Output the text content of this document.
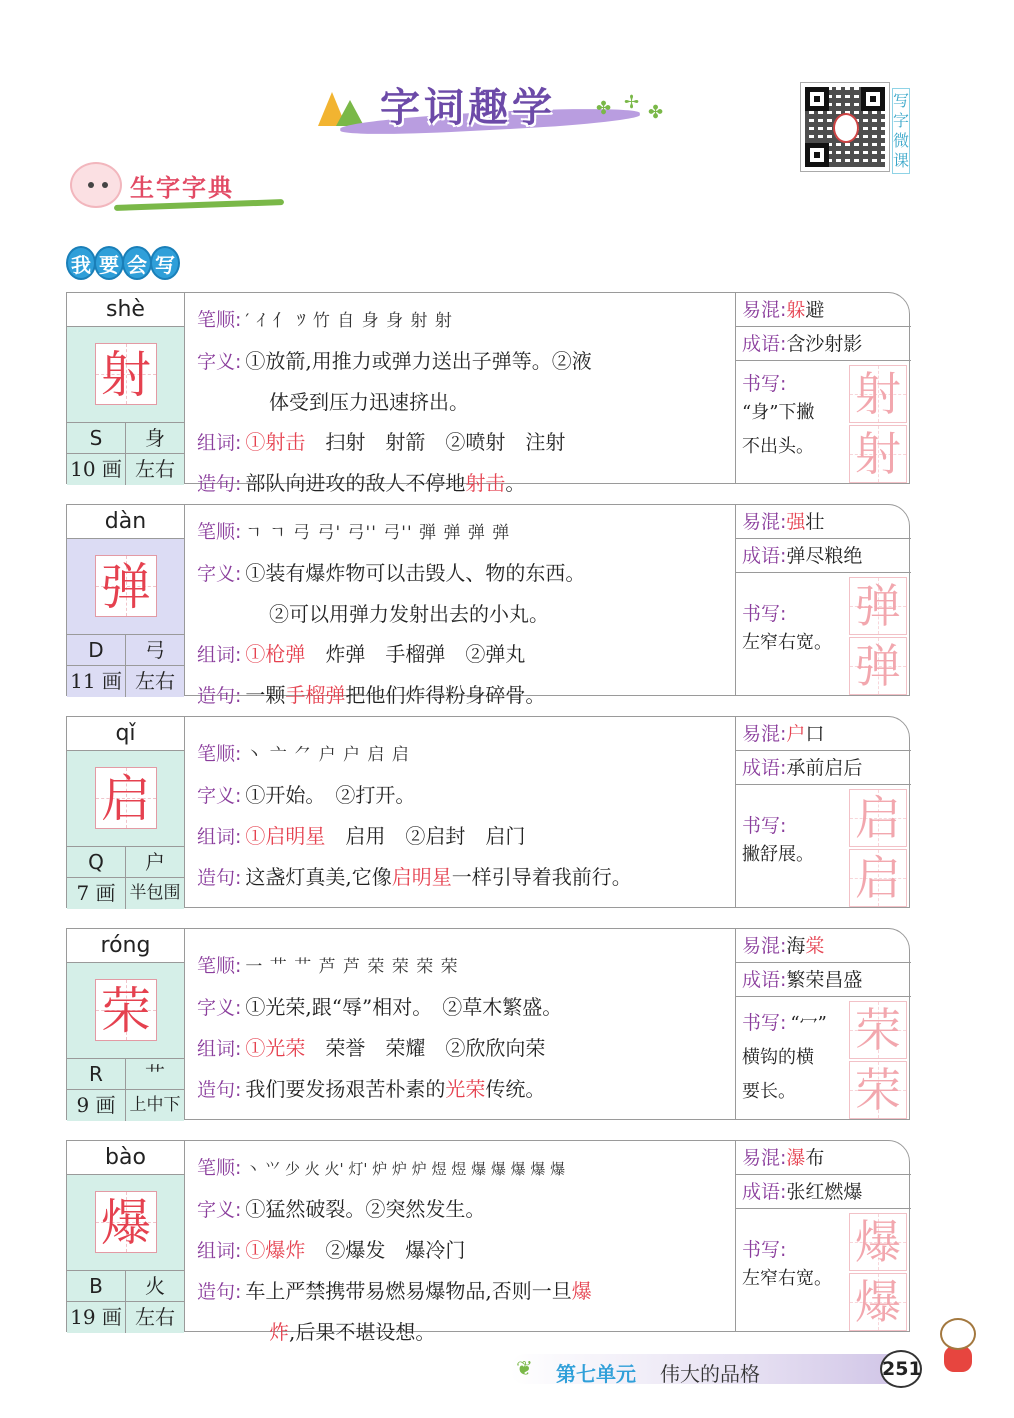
字词趣学 ✤ ✢ ✤
写字微课
生字字典
我 要 会 写
shè
射
S	身
10 画 左右
笔顺: ′ ｲ 亻 ﾂ 竹 自 身 身 射 射
字义: ①放箭,用推力或弹力送出子弹等。②液
体受到压力迅速挤出。
组词: ①射击　扫射　射箭　②喷射　注射
造句: 部队向进攻的敌人不停地射击。
易混:躲避
成语:含沙射影
书写:
“身”下撇
不出头。
射
射
dàn
弹
D	弓
11 画 左右
笔顺: ㄱ ㄱ 弓 弓' 弓'' 弓'' 弾 弹 弹 弹
字义: ①装有爆炸物可以击毁人、物的东西。
②可以用弹力发射出去的小丸。
组词: ①枪弹　炸弹　手榴弹　②弹丸
造句: 一颗手榴弹把他们炸得粉身碎骨。
易混:强壮
成语:弹尽粮绝
书写:
左窄右宽。
弹
弹
qǐ
启
Q	户
7 画 半包围
笔顺: 丶 亠 ⺈ 户 户 启 启
字义: ①开始。　②打开。
组词: ①启明星　启用　②启封　启门
造句: 这盏灯真美,它像启明星一样引导着我前行。
易混:户口
成语:承前启后
书写:
撇舒展。
启
启
róng
荣
R	艹
9 画 上中下
笔顺: 一 ⺾ 艹 芦 芦 荣 荣 荣 荣
字义: ①光荣,跟“辱”相对。　②草木繁盛。
组词: ①光荣　荣誉　荣耀　②欣欣向荣
造句: 我们要发扬艰苦朴素的光荣传统。
易混:海棠
成语:繁荣昌盛
书写: “冖”
横钩的横
要长。
荣
荣
bào
爆
B	火
19 画 左右
笔顺: 丶 ⺍ 少 火 火' 灯' 炉 炉 炉 煜 煜 爆 爆 爆 爆 爆
字义: ①猛然破裂。②突然发生。
组词: ①爆炸　②爆发　爆冷门
造句: 车上严禁携带易燃易爆物品,否则一旦爆
炸,后果不堪设想。
易混:瀑布
成语:张红燃爆
书写:
左窄右宽。
爆
爆
❦ 第七单元 伟大的品格	251
